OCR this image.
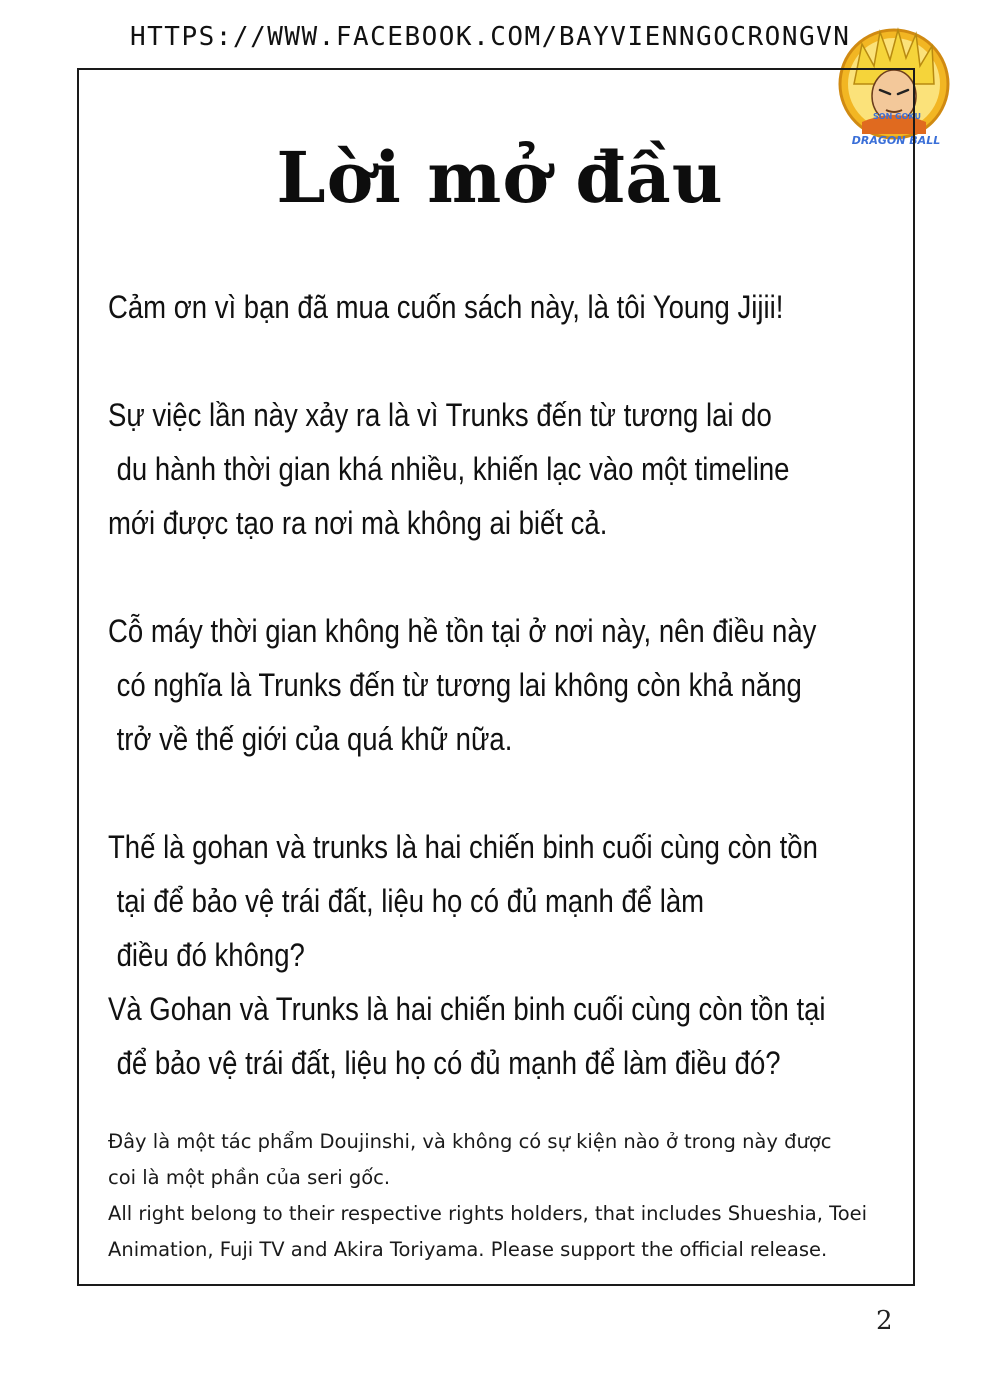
HTTPS://WWW.FACEBOOK.COM/BAYVIENNGOCRONGVN
SON GOKU
DRAGON BALL
Lời mở đầu
Cảm ơn vì bạn đã mua cuốn sách này, là tôi Young Jijii!
Sự việc lần này xảy ra là vì Trunks đến từ tương lai do
du hành thời gian khá nhiều, khiến lạc vào một timeline
mới được tạo ra nơi mà không ai biết cả.
Cỗ máy thời gian không hề tồn tại ở nơi này, nên điều này
có nghĩa là Trunks đến từ tương lai không còn khả năng
trở về thế giới của quá khữ nữa.
Thế là gohan và trunks là hai chiến binh cuối cùng còn tồn
tại để bảo vệ trái đất, liệu họ có đủ mạnh để làm
điều đó không?
Và Gohan và Trunks là hai chiến binh cuối cùng còn tồn tại
để bảo vệ trái đất, liệu họ có đủ mạnh để làm điều đó?
Đây là một tác phẩm Doujinshi, và không có sự kiện nào ở trong này được
coi là một phần của seri gốc.
All right belong to their respective rights holders, that includes Shueshia, Toei
Animation, Fuji TV and Akira Toriyama. Please support the official release.
2
